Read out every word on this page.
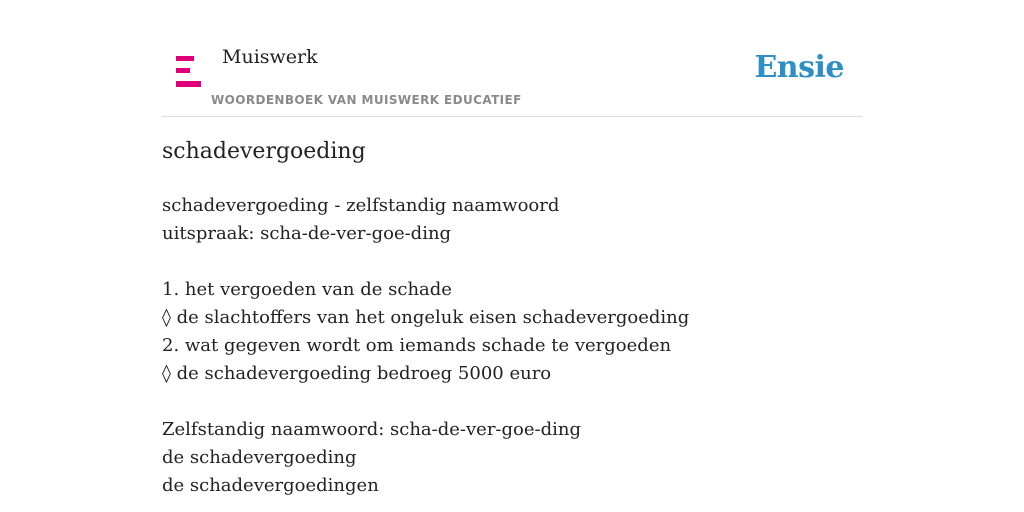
Muiswerk
WOORDENBOEK VAN MUISWERK EDUCATIEF
Ensie
schadevergoeding
schadevergoeding - zelfstandig naamwoord
uitspraak: scha-de-ver-goe-ding
1. het vergoeden van de schade
◊ de slachtoffers van het ongeluk eisen schadevergoeding
2. wat gegeven wordt om iemands schade te vergoeden
◊ de schadevergoeding bedroeg 5000 euro
Zelfstandig naamwoord: scha-de-ver-goe-ding
de schadevergoeding
de schadevergoedingen
